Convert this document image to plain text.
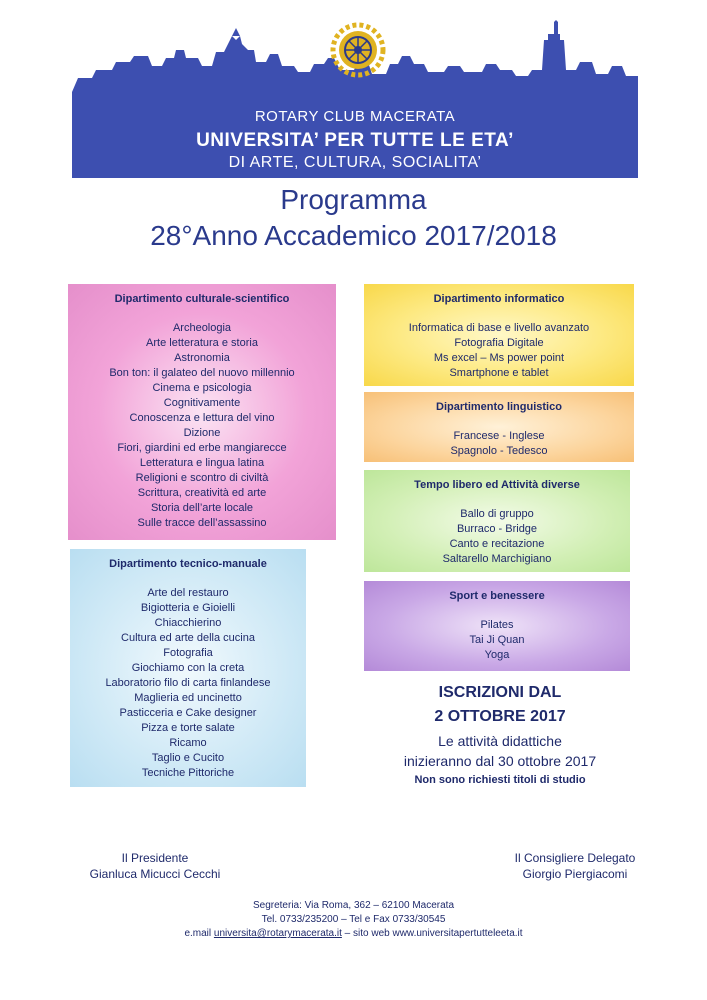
ROTARY CLUB MACERATA
UNIVERSITA’ PER TUTTE LE ETA’
DI ARTE, CULTURA, SOCIALITA’
Programma
28°Anno Accademico 2017/2018
Dipartimento culturale-scientifico
Archeologia
Arte letteratura e storia
Astronomia
Bon ton: il galateo del nuovo millennio
Cinema e psicologia
Cognitivamente
Conoscenza e lettura del vino
Dizione
Fiori, giardini ed erbe mangiarecce
Letteratura e lingua latina
Religioni e scontro di civiltà
Scrittura, creatività ed arte
Storia dell’arte locale
Sulle tracce dell’assassino
Dipartimento tecnico-manuale
Arte del restauro
Bigiotteria e Gioielli
Chiacchierino
Cultura ed arte della cucina
Fotografia
Giochiamo con la creta
Laboratorio filo di carta finlandese
Maglieria ed uncinetto
Pasticceria e Cake designer
Pizza e torte salate
Ricamo
Taglio e Cucito
Tecniche Pittoriche
Dipartimento informatico
Informatica di base e livello avanzato
Fotografia Digitale
Ms excel – Ms power point
Smartphone e tablet
Dipartimento linguistico
Francese - Inglese
Spagnolo - Tedesco
Tempo libero ed Attività diverse
Ballo di gruppo
Burraco - Bridge
Canto e recitazione
Saltarello Marchigiano
Sport e benessere
Pilates
Tai Ji Quan
Yoga
ISCRIZIONI DAL
2 OTTOBRE 2017
Le attività didattiche
inizieranno dal 30 ottobre 2017
Non sono richiesti titoli di studio
Il Presidente
Gianluca Micucci Cecchi
Il Consigliere Delegato
Giorgio Piergiacomi
Segreteria: Via Roma, 362 – 62100 Macerata
Tel. 0733/235200 – Tel e Fax 0733/30545
e.mail universita@rotarymacerata.it – sito web www.universitapertutteleeta.it
